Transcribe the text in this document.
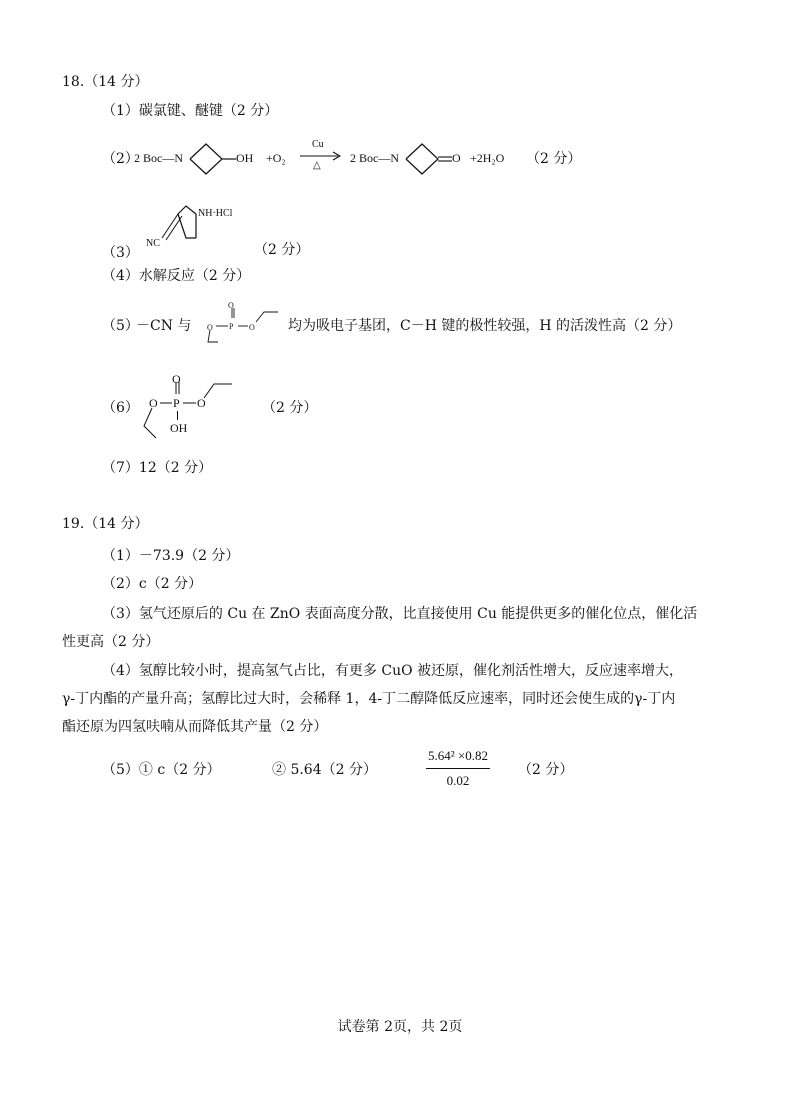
18.（14 分）
（1）碳氯键、醚键（2 分）
（2）
2 Boc—N	OH +O₂
Cu
△
2 Boc—N	O +2H₂O （2 分）
NH·HCl
NC
（3）	（2 分）
（4）水解反应（2 分）
（5）
－CN 与
O
O P O 均为吸电子基团，C－H 键的极性较强，H 的活泼性高（2 分）
（6）
O
O P O
OH
（2 分）
（7）12（2 分）
19.（14 分）
（1）－73.9（2 分）
（2）c（2 分）
（3）氢气还原后的 Cu 在 ZnO 表面高度分散，比直接使用 Cu 能提供更多的催化位点，催化活
性更高（2 分）
（4）氢醇比较小时，提高氢气占比，有更多 CuO 被还原，催化剂活性增大，反应速率增大，
γ-丁内酯的产量升高；氢醇比过大时，会稀释 1，4-丁二醇降低反应速率，同时还会使生成的γ-丁内
酯还原为四氢呋喃从而降低其产量（2 分）
（5）① c（2 分）	② 5.64（2 分）	$\frac{\text{5.64² ×0.82}}{0.02} (2$ 分）
试卷第 2页，共 2页
